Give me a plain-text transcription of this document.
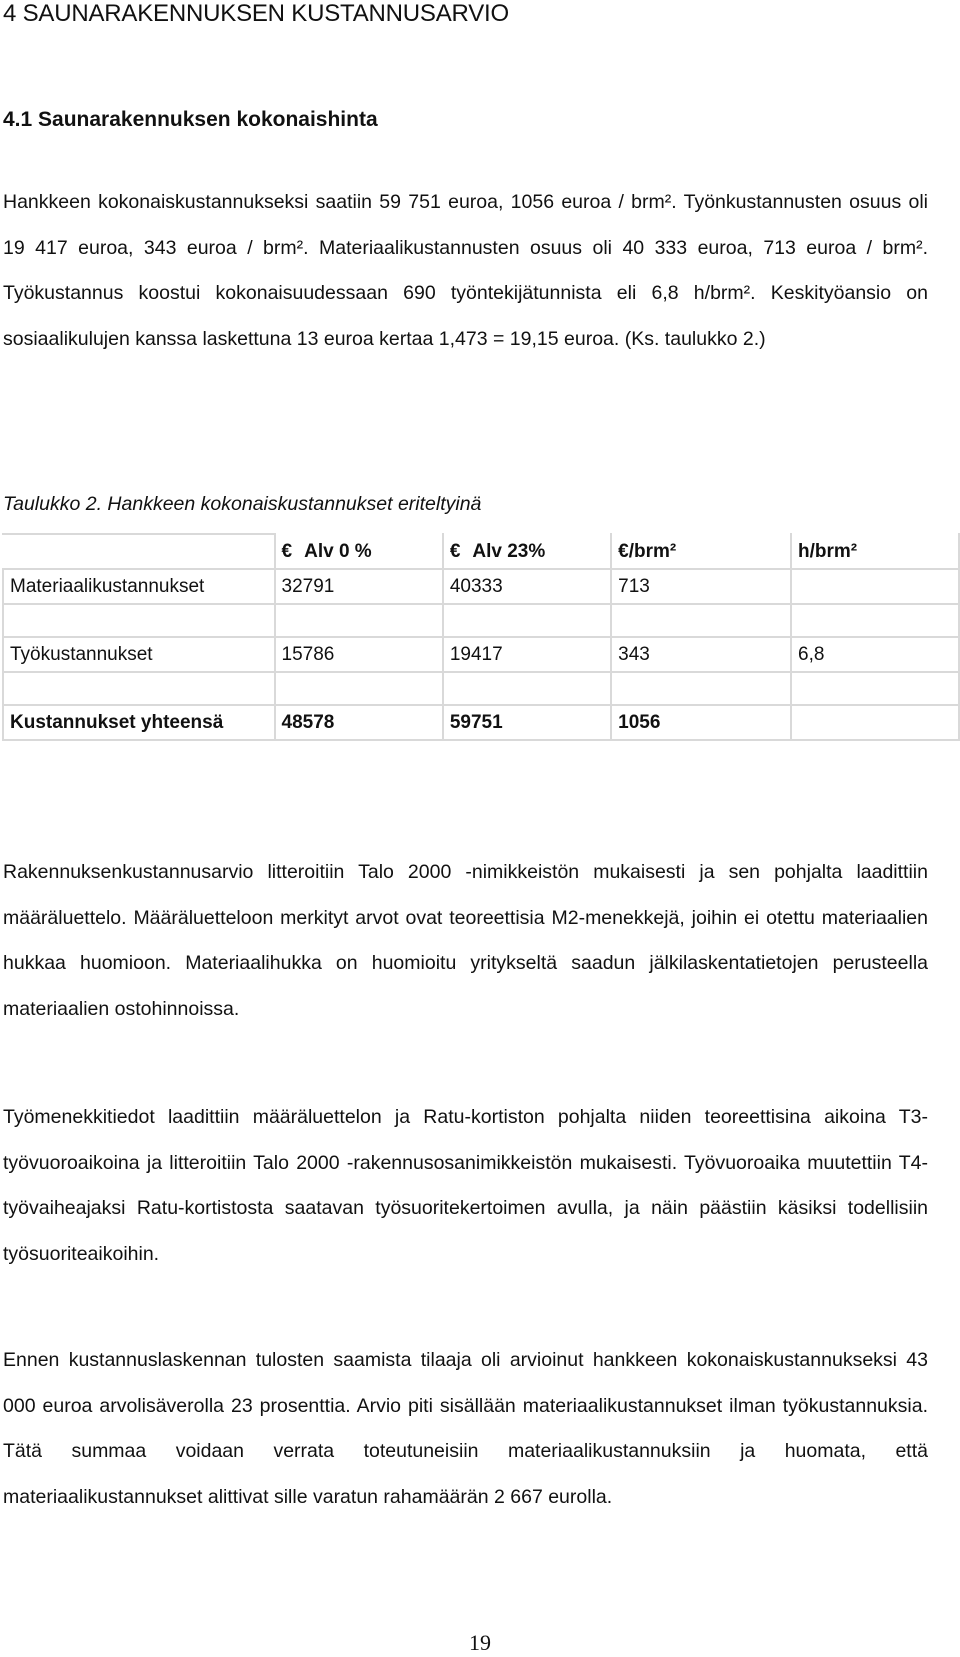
4 SAUNARAKENNUKSEN KUSTANNUSARVIO
4.1 Saunarakennuksen kokonaishinta

Hankkeen kokonaiskustannukseksi saatiin 59 751 euroa, 1056 euroa / brm². Työnkustannusten osuus oli 19 417 euroa, 343 euroa / brm². Materiaalikustannusten osuus oli 40 333 euroa, 713 euroa / brm². Työkustannus koostui kokonaisuudessaan 690 työntekijätunnista eli 6,8 h/brm². Keskityöansio on sosiaalikulujen kanssa laskettuna 13 euroa kertaa 1,473 = 19,15 euroa. (Ks. taulukko 2.)

Taulukko 2. Hankkeen kokonaiskustannukset eriteltyinä

	€ Alv 0 %	€ Alv 23%	€/brm²	h/brm²
Materiaalikustannukset	32791	40333	713	

Työkustannukset	15786	19417	343	6,8

Kustannukset yhteensä	48578	59751	1056	

Rakennuksenkustannusarvio litteroitiin Talo 2000 -nimikkeistön mukaisesti ja sen pohjalta laadittiin määräluettelo. Määräluetteloon merkityt arvot ovat teoreettisia M2-menekkejä, joihin ei otettu materiaalien hukkaa huomioon. Materiaalihukka on huomioitu yritykseltä saadun jälkilaskentatietojen perusteella materiaalien ostohinnoissa.

Työmenekkitiedot laadittiin määräluettelon ja Ratu-kortiston pohjalta niiden teoreettisina aikoina T3-työvuoroaikoina ja litteroitiin Talo 2000 -rakennusosanimikkeistön mukaisesti. Työvuoroaika muutettiin T4-työvaiheajaksi Ratu-kortistosta saatavan työsuoritekertoimen avulla, ja näin päästiin käsiksi todellisiin työsuoriteaikoihin.

Ennen kustannuslaskennan tulosten saamista tilaaja oli arvioinut hankkeen kokonaiskustannukseksi 43 000 euroa arvolisäverolla 23 prosenttia. Arvio piti sisällään materiaalikustannukset ilman työkustannuksia. Tätä summaa voidaan verrata toteutuneisiin materiaalikustannuksiin ja huomata, että materiaalikustannukset alittivat sille varatun rahamäärän 2 667 eurolla.

19
